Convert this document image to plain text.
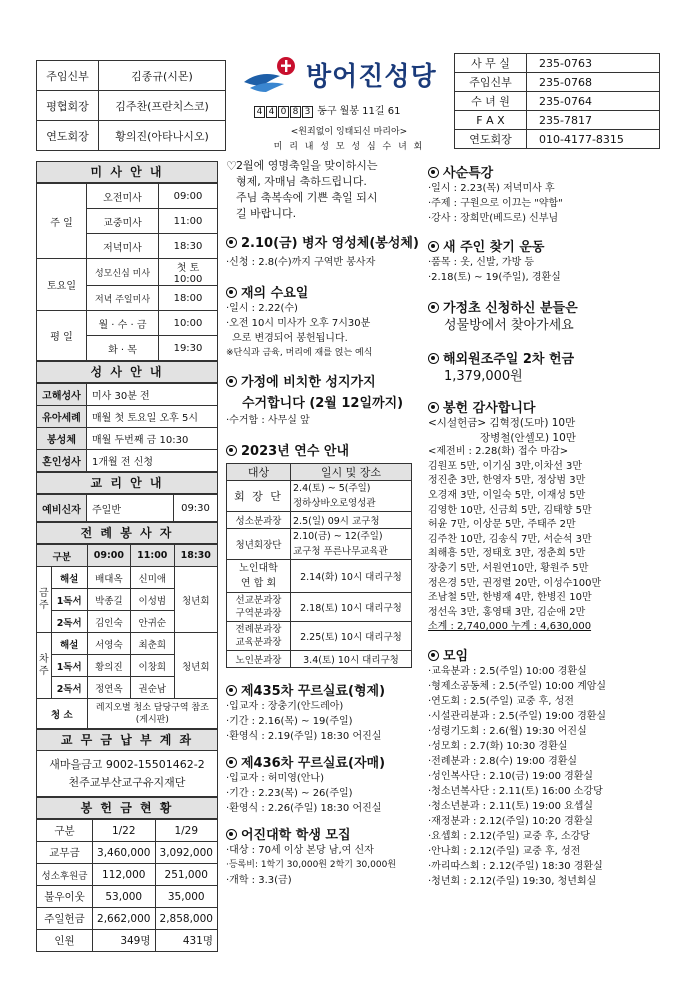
주임신부	김종규(시몬)
평협회장	김주찬(프란치스코)
연도회장	황의진(아타나시오)
방어진성당
4 4 0 8 3 동구 월봉 11길 61
<원죄없이 잉태되신 마리아>
미 리 내 성 모 성 심 수 녀 회
사 무 실	235-0763
주임신부	235-0768
수 녀 원	235-0764
F A X	235-7817
연도회장	010-4177-8315
미 사 안 내
주 일	오전미사	09:00
	교중미사	11:00
	저녁미사	18:30
토요일	성모신심 미사	첫 토 10:00
	저녁 주일미사	18:00
평 일	월 · 수 · 금	10:00
	화 · 목	19:30
성 사 안 내
고해성사	미사 30분 전
유아세례	매월 첫 토요일 오후 5시
봉성체	매월 두번째 금 10:30
혼인성사	1개월 전 신청
교 리 안 내
예비신자	주일반	09:30
전 례 봉 사 자
구분		09:00	11:00	18:30
금 주	해설	배대옥	신미애	청년회
	1독서	박종길	이성범	
	2독서	김인숙	안귀순	
차 주	해설	서영숙	최춘희	청년회
	1독서	황의진	이창희	
	2독서	정연옥	권순남	
청 소		레지오별 청소 담당구역 참조
(게시판)		
교 무 금 납 부 계 좌
새마을금고 9002-15501462-2
천주교부산교구유지재단
봉 헌 금 현 황
구분	1/22	1/29
교무금	3,460,000	3,092,000
성소후원금	112,000	251,000
불우이웃	53,000	35,000
주일헌금	2,662,000	2,858,000
인원	349명	431명
♡ 2월에 영명축일을 맞이하시는
형제, 자매님 축하드립니다.
주님 축복속에 기쁜 축일 되시
길 바랍니다.
2.10(금) 병자 영성체(봉성체)
·신청 : 2.8(수)까지 구역반 봉사자
재의 수요일
·일시 : 2.22(수)
·오전 10시 미사가 오후 7시30분
으로 변경되어 봉헌됩니다.
※단식과 금육, 머리에 재를 얹는 예식
가정에 비치한 성지가지
수거합니다 (2월 12일까지)
·수거함 : 사무실 앞
2023년 연수 안내
대상	일시 및 장소
회 장 단	2.4(토) ~ 5(주일)
정하상바오로영성관

성소분과장	2.5(일) 09시 교구청
청년회장단	2.10(금) ~ 12(주일)
교구청 푸른나무교육관

노인대학 연 합 회	2.14(화) 10시 대리구청
선교분과장 구역분과장	2.18(토) 10시 대리구청
전례분과장 교육분과장	2.25(토) 10시 대리구청
노인분과장	3.4(토) 10시 대리구청
제435차 꾸르실료(형제)
·입교자 : 장충기(안드레아)
·기간 : 2.16(목) ~ 19(주일)
·환영식 : 2.19(주일) 18:30 어진실
제436차 꾸르실료(자매)
·입교자 : 허미영(안나)
·기간 : 2.23(목) ~ 26(주일)
·환영식 : 2.26(주일) 18:30 어진실
어진대학 학생 모집
·대상 : 70세 이상 본당 남,여 신자
·등록비: 1학기 30,000원 2학기 30,000원
·개학 : 3.3(금)
사순특강
·일시 : 2.23(목) 저녁미사 후
·주제 : 구원으로 이끄는 "약함"
·강사 : 장희만(베드로) 신부님
새 주인 찾기 운동
·품목 : 옷, 신발, 가방 등
·2.18(토) ~ 19(주일), 경환실
가정초 신청하신 분들은
성물방에서 찾아가세요
해외원조주일 2차 헌금
1,379,000원
봉헌 감사합니다
<시설헌금> 김혁정(도마) 10만
장병철(안셀모) 10만
<제전비 : 2.28(화) 접수 마감>
김원포 5만, 이기심 3만,이차선 3만
정진춘 3만, 한영자 5만, 정상범 3만
오경재 3만, 이일숙 5만, 이재성 5만
김영한 10만, 신금희 5만, 김태향 5만
허윤 7만, 이상문 5만, 주태주 2만
김주찬 10만, 김송식 7만, 서순석 3만
최해흥 5만, 정태호 3만, 정춘희 5만
장충기 5만, 서원연10만, 황원주 5만
정은경 5만, 권정렬 20만, 이성수100만
조남철 5만, 한병재 4만, 한병진 10만
정선옥 3만, 홍영태 3만, 김순애 2만
소계 : 2,740,000 누계 : 4,630,000
모임
·교육분과 : 2.5(주일) 10:00 경환실
·형제소공동체 : 2.5(주일) 10:00 계암실
·연도회 : 2.5(주일) 교중 후, 성전
·시설관리분과 : 2.5(주일) 19:00 경환실
·성령기도회 : 2.6(월) 19:30 어진실
·성모회 : 2.7(화) 10:30 경환실
·전례분과 : 2.8(수) 19:00 경환실
·성인복사단 : 2.10(금) 19:00 경환실
·청소년복사단 : 2.11(토) 16:00 소강당
·청소년분과 : 2.11(토) 19:00 요셉실
·재정분과 : 2.12(주일) 10:20 경환실
·요셉회 : 2.12(주일) 교중 후, 소강당
·안나회 : 2.12(주일) 교중 후, 성전
·까리따스회 : 2.12(주일) 18:30 경환실
·청년회 : 2.12(주일) 19:30, 청년회실
